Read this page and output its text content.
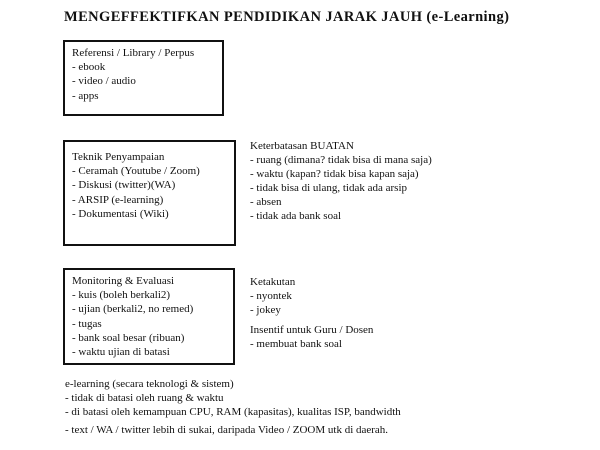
MENGEFFEKTIFKAN PENDIDIKAN JARAK JAUH (e-Learning)
Referensi / Library / Perpus
- ebook
- video / audio
- apps
Teknik Penyampaian
- Ceramah (Youtube / Zoom)
- Diskusi (twitter)(WA)
- ARSIP (e-learning)
- Dokumentasi (Wiki)
Keterbatasan BUATAN
- ruang (dimana? tidak bisa di mana saja)
- waktu (kapan? tidak bisa kapan saja)
- tidak bisa di ulang, tidak ada arsip
- absen
- tidak ada bank soal
Monitoring & Evaluasi
- kuis (boleh berkali2)
- ujian (berkali2, no remed)
- tugas
- bank soal besar (ribuan)
- waktu ujian di batasi
Ketakutan
- nyontek
- jokey
Insentif untuk Guru / Dosen
- membuat bank soal
e-learning (secara teknologi & sistem)
- tidak di batasi oleh ruang & waktu
- di batasi oleh kemampuan CPU, RAM (kapasitas), kualitas ISP, bandwidth
- text / WA / twitter lebih di sukai, daripada Video / ZOOM utk di daerah.
